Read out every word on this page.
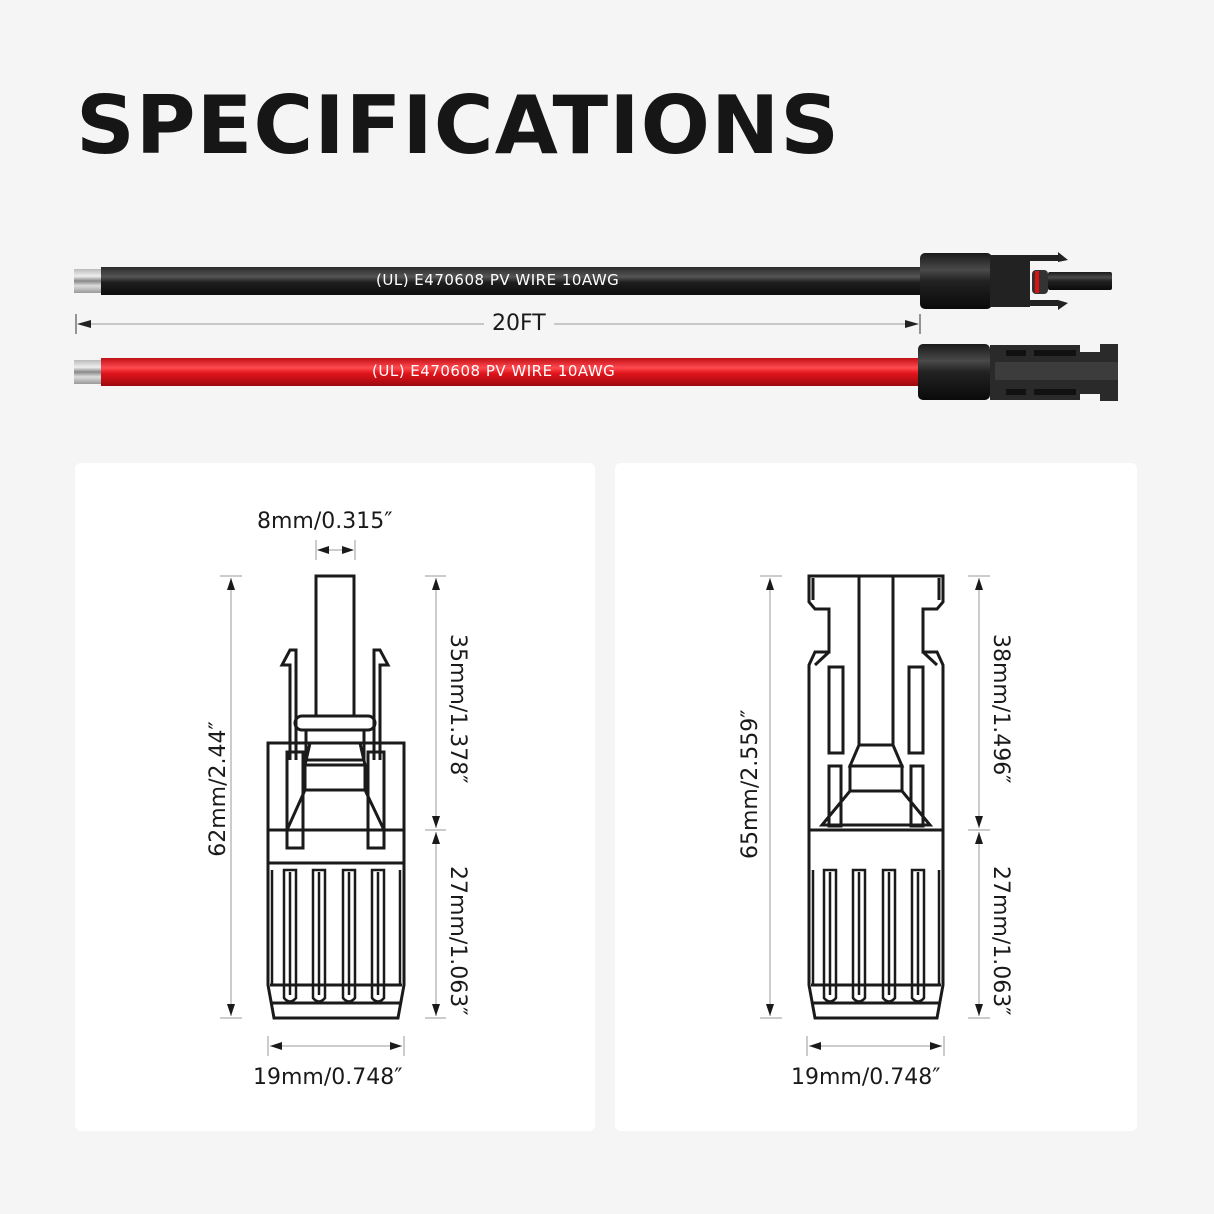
SPECIFICATIONS
(UL) E470608 PV WIRE 10AWG
20FT
(UL) E470608 PV WIRE 10AWG
8mm/0.315″
62mm/2.44″
35mm/1.378″
27mm/1.063″
19mm/0.748″
65mm/2.559″
38mm/1.496″
27mm/1.063″
19mm/0.748″
